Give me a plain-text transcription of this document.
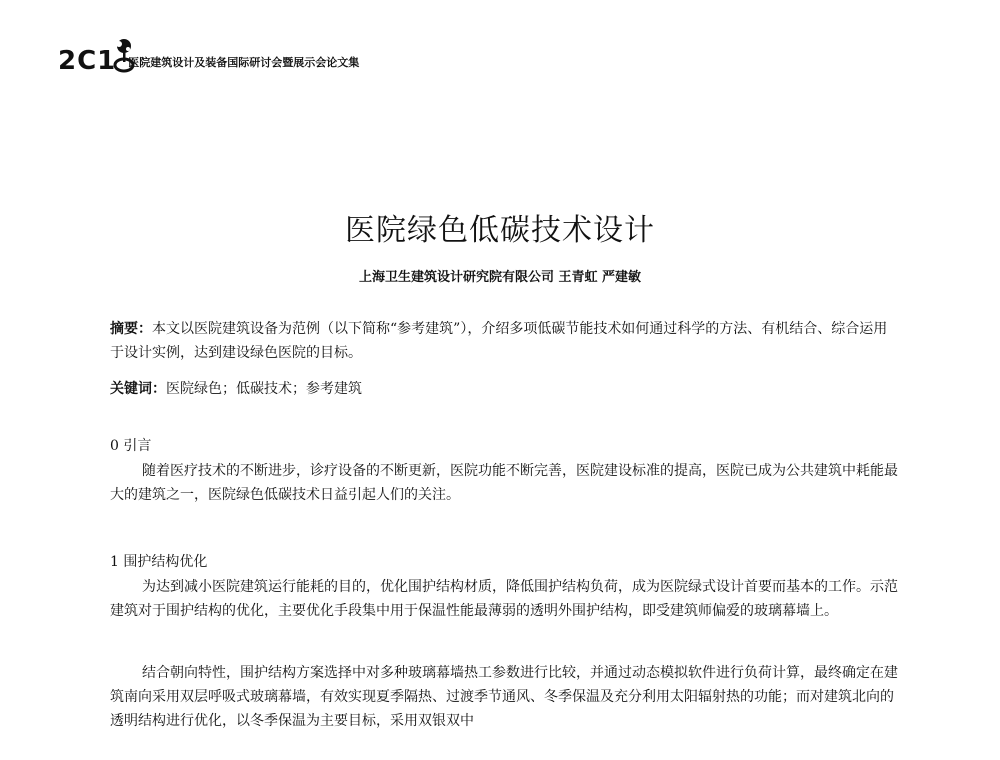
2C1 医院建筑设计及装备国际研讨会暨展示会论文集
医院绿色低碳技术设计
上海卫生建筑设计研究院有限公司 王青虹 严建敏
摘要：本文以医院建筑设备为范例（以下简称“参考建筑”），介绍多项低碳节能技术如何通过科学的方法、有机结合、综合运用于设计实例，达到建设绿色医院的目标。
关键词：医院绿色；低碳技术；参考建筑
0 引言
随着医疗技术的不断进步，诊疗设备的不断更新，医院功能不断完善，医院建设标准的提高，医院已成为公共建筑中耗能最大的建筑之一，医院绿色低碳技术日益引起人们的关注。
1 围护结构优化
为达到减小医院建筑运行能耗的目的，优化围护结构材质，降低围护结构负荷，成为医院绿式设计首要而基本的工作。示范建筑对于围护结构的优化，主要优化手段集中用于保温性能最薄弱的透明外围护结构，即受建筑师偏爱的玻璃幕墙上。
结合朝向特性，围护结构方案选择中对多种玻璃幕墙热工参数进行比较，并通过动态模拟软件进行负荷计算，最终确定在建筑南向采用双层呼吸式玻璃幕墙，有效实现夏季隔热、过渡季节通风、冬季保温及充分利用太阳辐射热的功能；而对建筑北向的透明结构进行优化，以冬季保温为主要目标，采用双银双中
